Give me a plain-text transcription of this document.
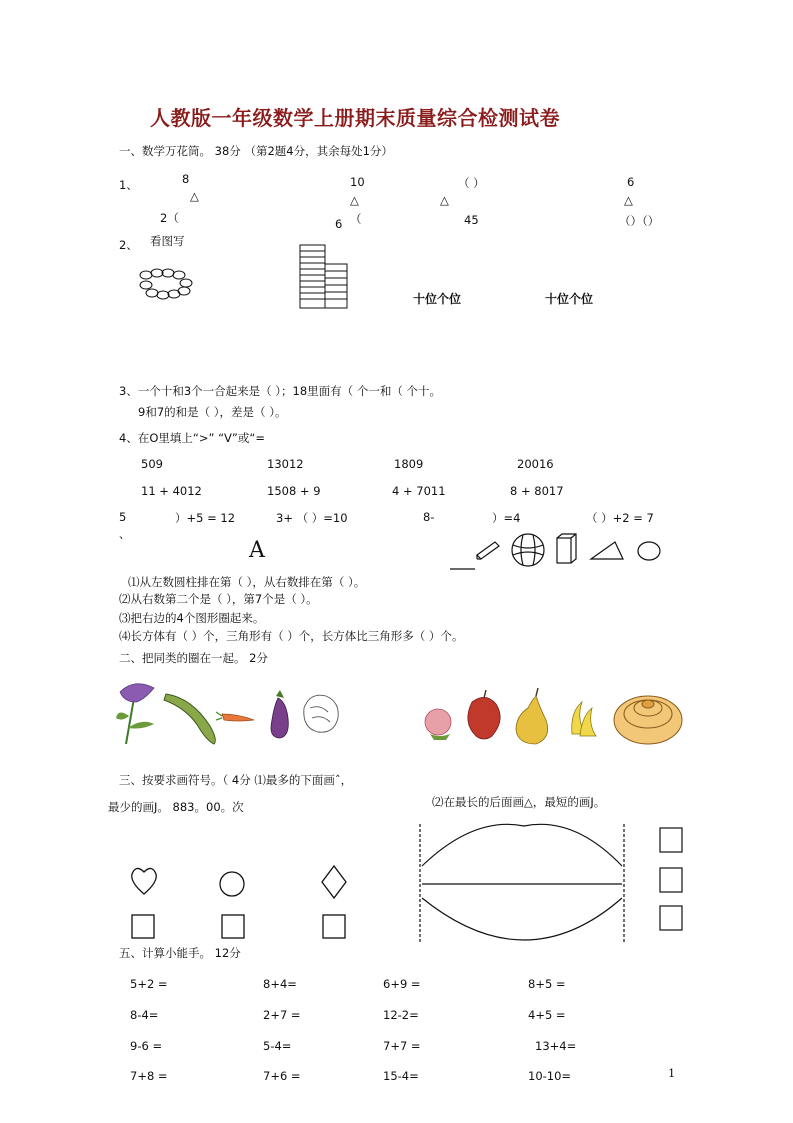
人教版一年级数学上册期末质量综合检测试卷
一、数学万花筒。 38分 （第2题4分，其余每处1分）
1、	8
△
2（
10
△
6 （
（ ）
△
45
6
△
（）（）
2、 看图写
十位个位	十位个位
3、一个十和3个一合起来是（ ）；18里面有（ 个一和（ 个十。
9和7的和是（ ），差是（ ）。
4、在O里填上“>” “V”或“=
509	13012	1809	20016
11 + 4012	1508 + 9	4 + 7011	8 + 8017
5
、
）+5 = 12	3+ （ ）=10	8-	）=4	（ ）+2 = 7
A
⑴从左数圆柱排在第（ ），从右数排在第（ ）。
⑵从右数第二个是（ ），第7个是（ ）。
⑶把右边的4个图形圈起来。
⑷长方体有（ ）个，三角形有（ ）个，长方体比三角形多（ ）个。
二、把同类的圈在一起。 2分
三、按要求画符号。（ 4分 ⑴最多的下面画ˆ，
最少的画J。 883。00。次	⑵在最长的后面画△，最短的画J。
五、计算小能手。 12分
5+2 =	8+4=	6+9 =	8+5 =
8-4=	2+7 =	12-2=	4+5 =
9-6 =	5-4=	7+7 =	13+4=
7+8 =	7+6 =	15-4=	10-10=	1
